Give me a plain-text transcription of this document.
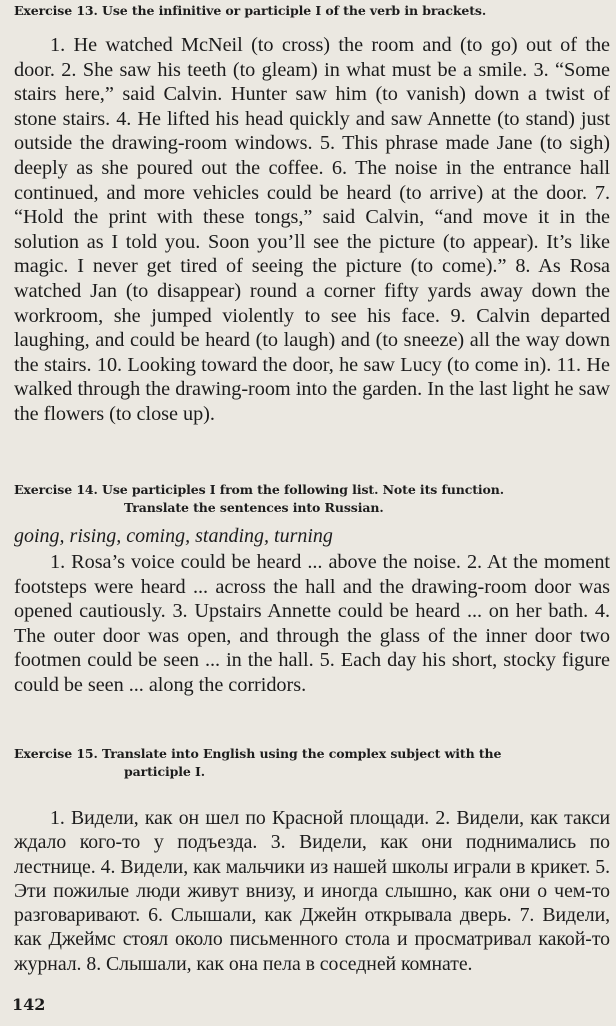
Exercise 13. Use the infinitive or participle I of the verb in brackets.
1. He watched McNeil (to cross) the room and (to go) out of the door. 2. She saw his teeth (to gleam) in what must be a smile. 3. “Some stairs here,” said Calvin. Hunter saw him (to vanish) down a twist of stone stairs. 4. He lifted his head quickly and saw Annette (to stand) just outside the drawing-room windows. 5. This phrase made Jane (to sigh) deeply as she poured out the coffee. 6. The noise in the entrance hall continued, and more vehicles could be heard (to arrive) at the door. 7. “Hold the print with these tongs,” said Calvin, “and move it in the solution as I told you. Soon you’ll see the picture (to appear). It’s like magic. I never get tired of seeing the picture (to come).” 8. As Rosa watched Jan (to disappear) round a corner fifty yards away down the workroom, she jumped violently to see his face. 9. Calvin departed laughing, and could be heard (to laugh) and (to sneeze) all the way down the stairs. 10. Looking toward the door, he saw Lucy (to come in). 11. He walked through the drawing-room into the garden. In the last light he saw the flowers (to close up).
Exercise 14. Use participles I from the following list. Note its function.
Translate the sentences into Russian.
going, rising, coming, standing, turning
1. Rosa’s voice could be heard ... above the noise. 2. At the moment footsteps were heard ... across the hall and the drawing-room door was opened cautiously. 3. Upstairs Annette could be heard ... on her bath. 4. The outer door was open, and through the glass of the inner door two footmen could be seen ... in the hall. 5. Each day his short, stocky figure could be seen ... along the corridors.
Exercise 15. Translate into English using the complex subject with the
participle I.
1. Видели, как он шел по Красной площади. 2. Видели, как такси ждало кого-то у подъезда. 3. Видели, как они поднимались по лестнице. 4. Видели, как мальчики из нашей школы играли в крикет. 5. Эти пожилые люди живут внизу, и иногда слышно, как они о чем-то разговаривают. 6. Слышали, как Джейн открывала дверь. 7. Видели, как Джеймс стоял около письменного стола и просматривал какой-то журнал. 8. Слышали, как она пела в соседней комнате.
142
